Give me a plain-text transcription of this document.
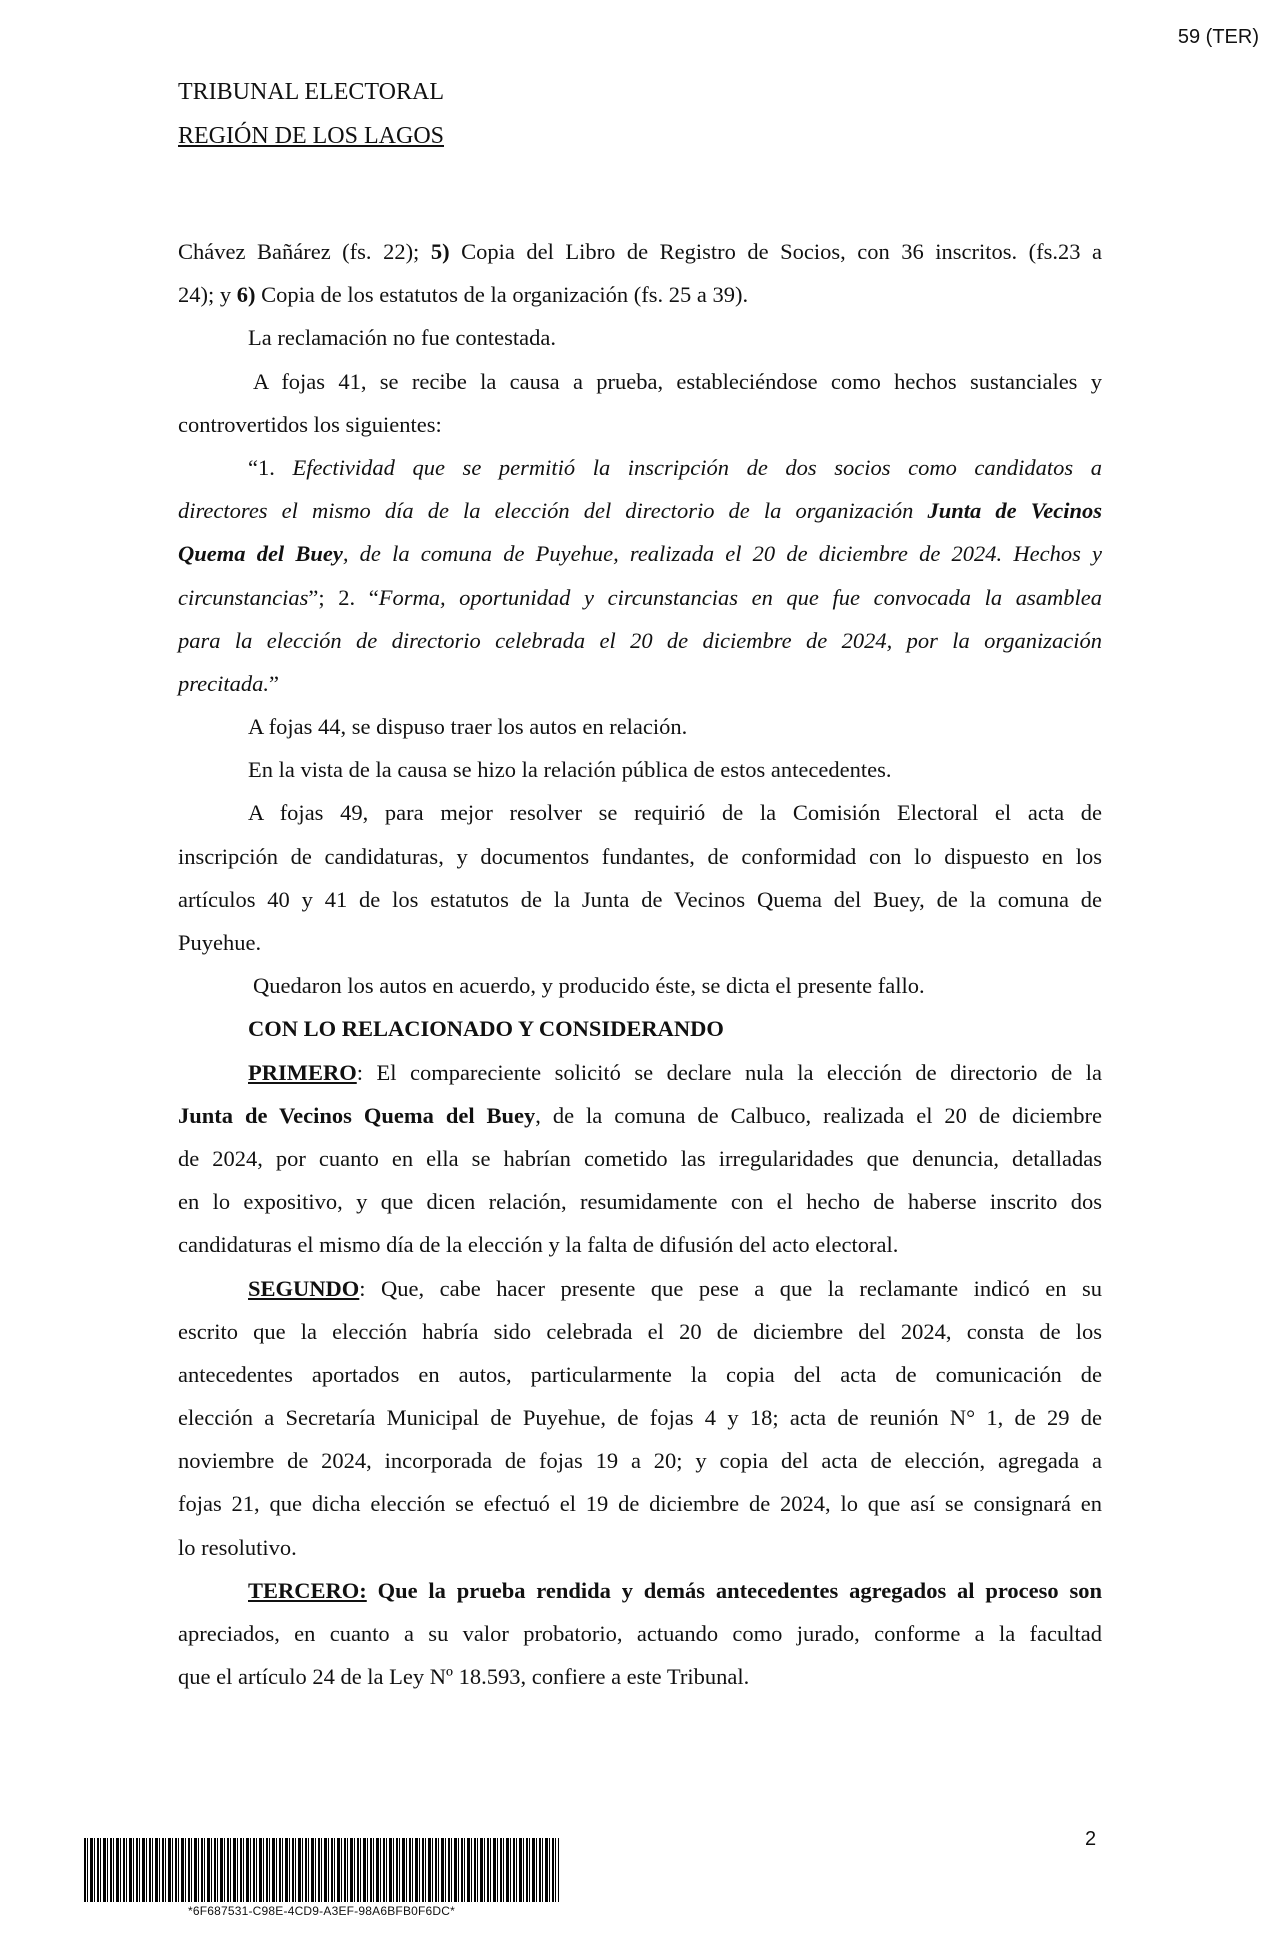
59 (TER)
TRIBUNAL ELECTORAL
REGIÓN DE LOS LAGOS
Chávez Bañárez (fs. 22); 5) Copia del Libro de Registro de Socios, con 36 inscritos. (fs.23 a
24); y 6) Copia de los estatutos de la organización (fs. 25 a 39).
La reclamación no fue contestada.
A fojas 41, se recibe la causa a prueba, estableciéndose como hechos sustanciales y
controvertidos los siguientes:
“1. Efectividad que se permitió la inscripción de dos socios como candidatos a
directores el mismo día de la elección del directorio de la organización Junta de Vecinos
Quema del Buey, de la comuna de Puyehue, realizada el 20 de diciembre de 2024. Hechos y
circunstancias”; 2. “Forma, oportunidad y circunstancias en que fue convocada la asamblea
para la elección de directorio celebrada el 20 de diciembre de 2024, por la organización
precitada.”
A fojas 44, se dispuso traer los autos en relación.
En la vista de la causa se hizo la relación pública de estos antecedentes.
A fojas 49, para mejor resolver se requirió de la Comisión Electoral el acta de
inscripción de candidaturas, y documentos fundantes, de conformidad con lo dispuesto en los
artículos 40 y 41 de los estatutos de la Junta de Vecinos Quema del Buey, de la comuna de
Puyehue.
Quedaron los autos en acuerdo, y producido éste, se dicta el presente fallo.
CON LO RELACIONADO Y CONSIDERANDO
PRIMERO: El compareciente solicitó se declare nula la elección de directorio de la
Junta de Vecinos Quema del Buey, de la comuna de Calbuco, realizada el 20 de diciembre
de 2024, por cuanto en ella se habrían cometido las irregularidades que denuncia, detalladas
en lo expositivo, y que dicen relación, resumidamente con el hecho de haberse inscrito dos
candidaturas el mismo día de la elección y la falta de difusión del acto electoral.
SEGUNDO: Que, cabe hacer presente que pese a que la reclamante indicó en su
escrito que la elección habría sido celebrada el 20 de diciembre del 2024, consta de los
antecedentes aportados en autos, particularmente la copia del acta de comunicación de
elección a Secretaría Municipal de Puyehue, de fojas 4 y 18; acta de reunión N° 1, de 29 de
noviembre de 2024, incorporada de fojas 19 a 20; y copia del acta de elección, agregada a
fojas 21, que dicha elección se efectuó el 19 de diciembre de 2024, lo que así se consignará en
lo resolutivo.
TERCERO: Que la prueba rendida y demás antecedentes agregados al proceso son
apreciados, en cuanto a su valor probatorio, actuando como jurado, conforme a la facultad
que el artículo 24 de la Ley Nº 18.593, confiere a este Tribunal.
2
*6F687531-C98E-4CD9-A3EF-98A6BFB0F6DC*
